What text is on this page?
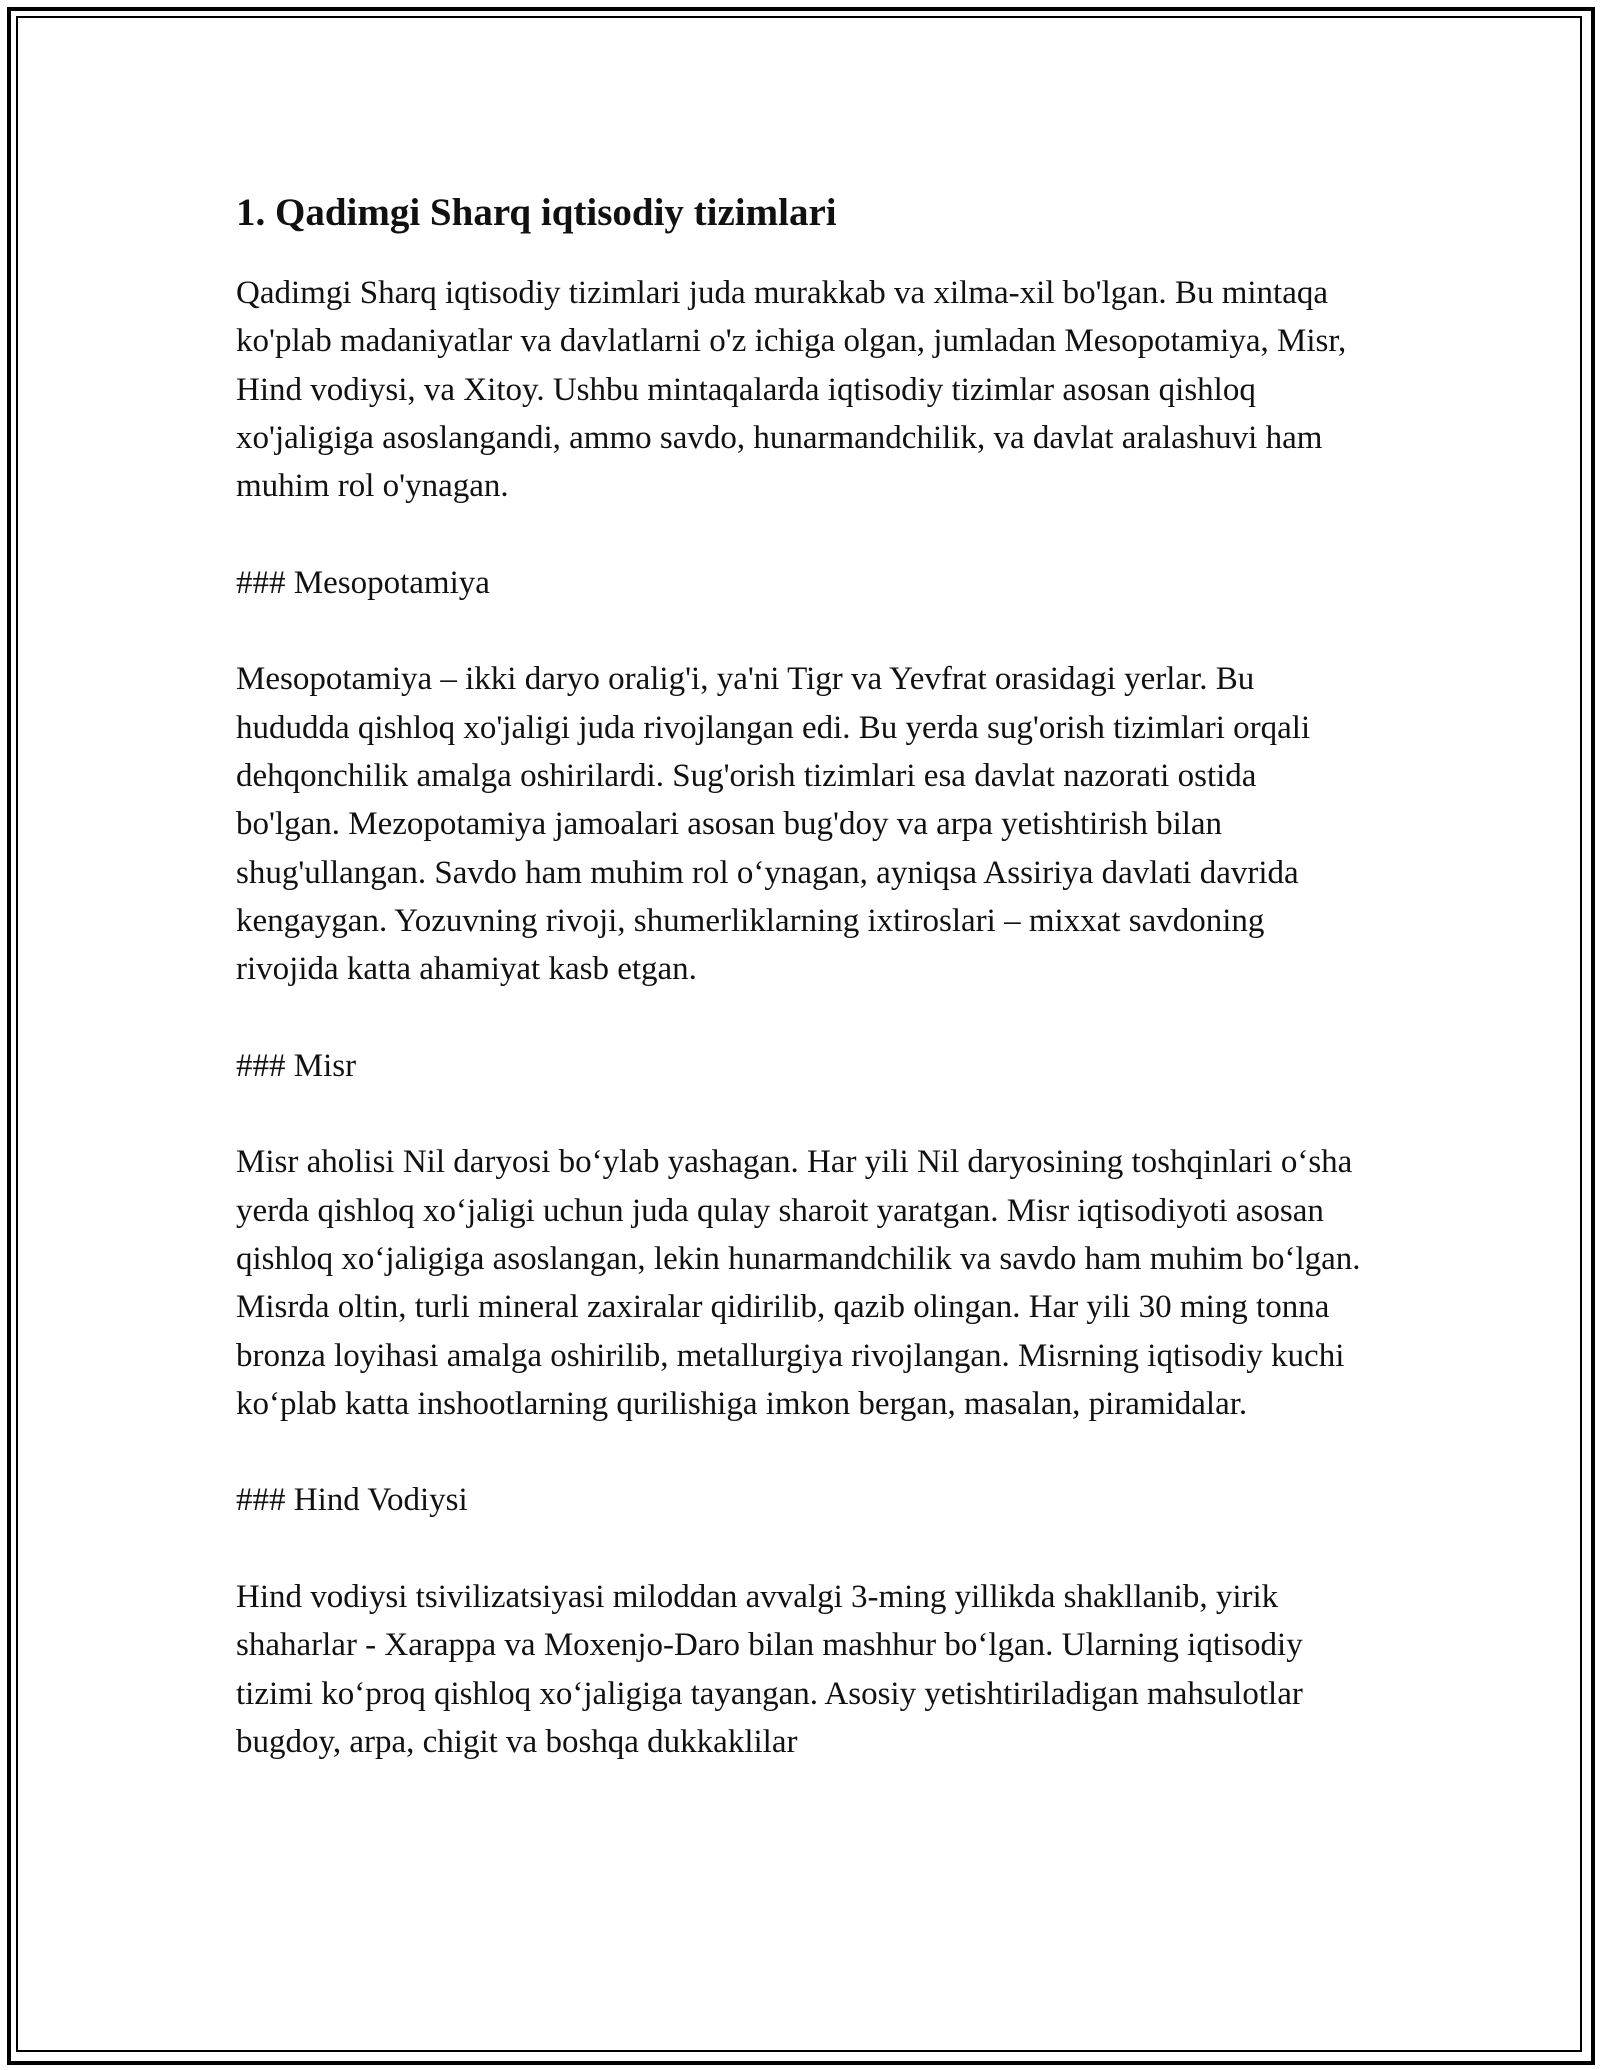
1. Qadimgi Sharq iqtisodiy tizimlari

Qadimgi Sharq iqtisodiy tizimlari juda murakkab va xilma-xil bo'lgan. Bu mintaqa ko'plab madaniyatlar va davlatlarni o'z ichiga olgan, jumladan Mesopotamiya, Misr, Hind vodiysi, va Xitoy. Ushbu mintaqalarda iqtisodiy tizimlar asosan qishloq xo'jaligiga asoslangandi, ammo savdo, hunarmandchilik, va davlat aralashuvi ham muhim rol o'ynagan.

### Mesopotamiya

Mesopotamiya – ikki daryo oralig'i, ya'ni Tigr va Yevfrat orasidagi yerlar. Bu hududda qishloq xo'jaligi juda rivojlangan edi. Bu yerda sug'orish tizimlari orqali dehqonchilik amalga oshirilardi. Sug'orish tizimlari esa davlat nazorati ostida bo'lgan. Mezopotamiya jamoalari asosan bug'doy va arpa yetishtirish bilan shug'ullangan. Savdo ham muhim rol o‘ynagan, ayniqsa Assiriya davlati davrida kengaygan. Yozuvning rivoji, shumerliklarning ixtiroslari – mixxat savdoning rivojida katta ahamiyat kasb etgan.

### Misr

Misr aholisi Nil daryosi bo‘ylab yashagan. Har yili Nil daryosining toshqinlari o‘sha yerda qishloq xo‘jaligi uchun juda qulay sharoit yaratgan. Misr iqtisodiyoti asosan qishloq xo‘jaligiga asoslangan, lekin hunarmandchilik va savdo ham muhim bo‘lgan. Misrda oltin, turli mineral zaxiralar qidirilib, qazib olingan. Har yili 30 ming tonna bronza loyihasi amalga oshirilib, metallurgiya rivojlangan. Misrning iqtisodiy kuchi ko‘plab katta inshootlarning qurilishiga imkon bergan, masalan, piramidalar.

### Hind Vodiysi

Hind vodiysi tsivilizatsiyasi miloddan avvalgi 3-ming yillikda shakllanib, yirik shaharlar - Xarappa va Moxenjo-Daro bilan mashhur bo‘lgan. Ularning iqtisodiy tizimi ko‘proq qishloq xo‘jaligiga tayangan. Asosiy yetishtiriladigan mahsulotlar bugdoy, arpa, chigit va boshqa dukkaklilar
